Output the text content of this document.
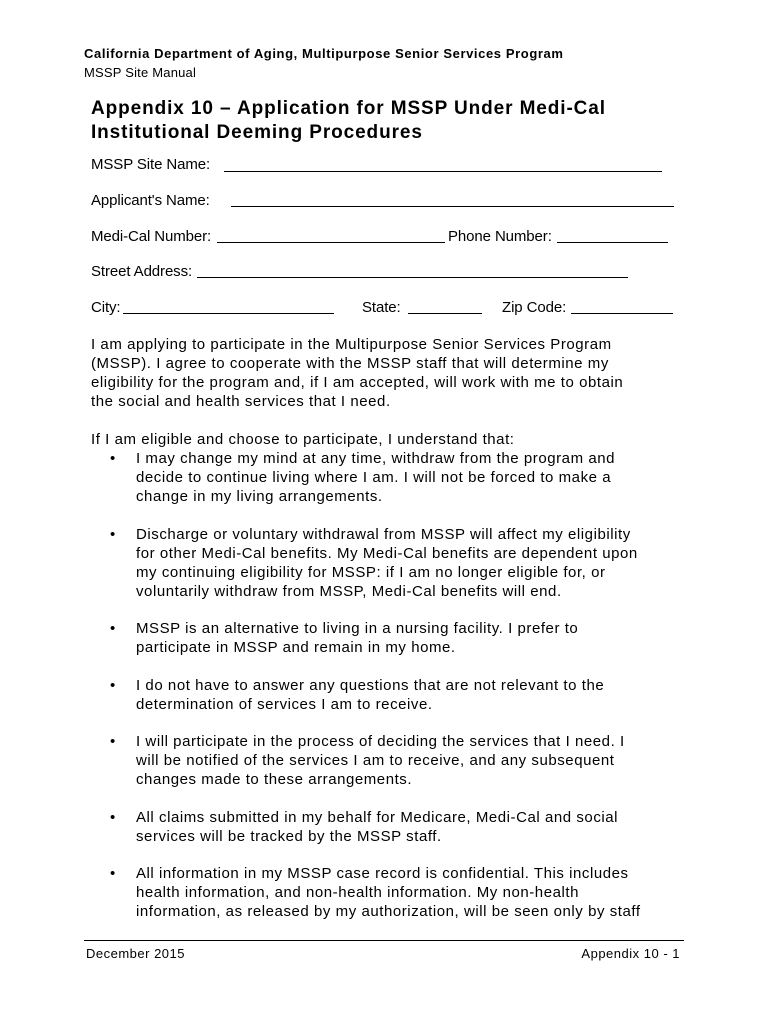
California Department of Aging, Multipurpose Senior Services Program
MSSP Site Manual
Appendix 10 – Application for MSSP Under Medi-Cal
Institutional Deeming Procedures
MSSP Site Name:
Applicant's Name:
Medi-Cal Number:	Phone Number:
Street Address:
City:	State:	Zip Code:
I am applying to participate in the Multipurpose Senior Services Program
(MSSP). I agree to cooperate with the MSSP staff that will determine my
eligibility for the program and, if I am accepted, will work with me to obtain
the social and health services that I need.
If I am eligible and choose to participate, I understand that:
• I may change my mind at any time, withdraw from the program and
decide to continue living where I am. I will not be forced to make a
change in my living arrangements.
• Discharge or voluntary withdrawal from MSSP will affect my eligibility
for other Medi-Cal benefits. My Medi-Cal benefits are dependent upon
my continuing eligibility for MSSP: if I am no longer eligible for, or
voluntarily withdraw from MSSP, Medi-Cal benefits will end.
• MSSP is an alternative to living in a nursing facility. I prefer to
participate in MSSP and remain in my home.
• I do not have to answer any questions that are not relevant to the
determination of services I am to receive.
• I will participate in the process of deciding the services that I need. I
will be notified of the services I am to receive, and any subsequent
changes made to these arrangements.
• All claims submitted in my behalf for Medicare, Medi-Cal and social
services will be tracked by the MSSP staff.
• All information in my MSSP case record is confidential. This includes
health information, and non-health information. My non-health
information, as released by my authorization, will be seen only by staff
December 2015	Appendix 10 - 1
